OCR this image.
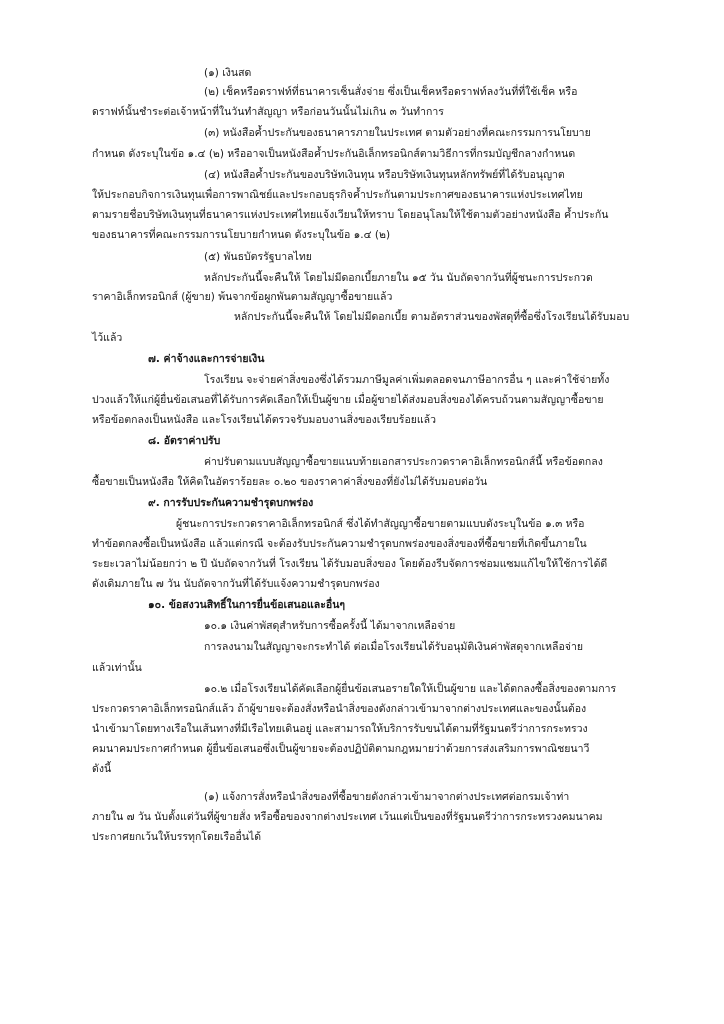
(๑) เงินสด
(๒) เช็คหรือดราฟท์ที่ธนาคารเซ็นสั่งจ่าย ซึ่งเป็นเช็คหรือดราฟท์ลงวันที่ที่ใช้เช็ค หรือ
ดราฟท์นั้นชำระต่อเจ้าหน้าที่ในวันทำสัญญา หรือก่อนวันนั้นไม่เกิน ๓ วันทำการ
(๓) หนังสือค้ำประกันของธนาคารภายในประเทศ ตามตัวอย่างที่คณะกรรมการนโยบาย
กำหนด ดังระบุในข้อ ๑.๔ (๒) หรืออาจเป็นหนังสือค้ำประกันอิเล็กทรอนิกส์ตามวิธีการที่กรมบัญชีกลางกำหนด
(๔) หนังสือค้ำประกันของบริษัทเงินทุน หรือบริษัทเงินทุนหลักทรัพย์ที่ได้รับอนุญาต
ให้ประกอบกิจการเงินทุนเพื่อการพาณิชย์และประกอบธุรกิจค้ำประกันตามประกาศของธนาคารแห่งประเทศไทย
ตามรายชื่อบริษัทเงินทุนที่ธนาคารแห่งประเทศไทยแจ้งเวียนให้ทราบ โดยอนุโลมให้ใช้ตามตัวอย่างหนังสือ ค้ำประกัน
ของธนาคารที่คณะกรรมการนโยบายกำหนด ดังระบุในข้อ ๑.๔ (๒)
(๕) พันธบัตรรัฐบาลไทย
หลักประกันนี้จะคืนให้ โดยไม่มีดอกเบี้ยภายใน ๑๕ วัน นับถัดจากวันที่ผู้ชนะการประกวด
ราคาอิเล็กทรอนิกส์ (ผู้ขาย) พ้นจากข้อผูกพันตามสัญญาซื้อขายแล้ว
หลักประกันนี้จะคืนให้ โดยไม่มีดอกเบี้ย ตามอัตราส่วนของพัสดุที่ซื้อซึ่งโรงเรียนได้รับมอบ
ไว้แล้ว
๗. ค่าจ้างและการจ่ายเงิน
โรงเรียน จะจ่ายค่าสิ่งของซึ่งได้รวมภาษีมูลค่าเพิ่มตลอดจนภาษีอากรอื่น ๆ และค่าใช้จ่ายทั้ง
ปวงแล้วให้แก่ผู้ยื่นข้อเสนอที่ได้รับการคัดเลือกให้เป็นผู้ขาย เมื่อผู้ขายได้ส่งมอบสิ่งของได้ครบถ้วนตามสัญญาซื้อขาย
หรือข้อตกลงเป็นหนังสือ และโรงเรียนได้ตรวจรับมอบงานสิ่งของเรียบร้อยแล้ว
๘. อัตราค่าปรับ
ค่าปรับตามแบบสัญญาซื้อขายแนบท้ายเอกสารประกวดราคาอิเล็กทรอนิกส์นี้ หรือข้อตกลง
ซื้อขายเป็นหนังสือ ให้คิดในอัตราร้อยละ ๐.๒๐ ของราคาค่าสิ่งของที่ยังไม่ได้รับมอบต่อวัน
๙. การรับประกันความชำรุดบกพร่อง
ผู้ชนะการประกวดราคาอิเล็กทรอนิกส์ ซึ่งได้ทำสัญญาซื้อขายตามแบบดังระบุในข้อ ๑.๓ หรือ
ทำข้อตกลงซื้อเป็นหนังสือ แล้วแต่กรณี จะต้องรับประกันความชำรุดบกพร่องของสิ่งของที่ซื้อขายที่เกิดขึ้นภายใน
ระยะเวลาไม่น้อยกว่า ๒ ปี นับถัดจากวันที่ โรงเรียน ได้รับมอบสิ่งของ โดยต้องรีบจัดการซ่อมแซมแก้ไขให้ใช้การได้ดี
ดังเดิมภายใน ๗ วัน นับถัดจากวันที่ได้รับแจ้งความชำรุดบกพร่อง
๑๐. ข้อสงวนสิทธิ์ในการยื่นข้อเสนอและอื่นๆ
๑๐.๑ เงินค่าพัสดุสำหรับการซื้อครั้งนี้ ได้มาจากเหลือจ่าย
การลงนามในสัญญาจะกระทำได้ ต่อเมื่อโรงเรียนได้รับอนุมัติเงินค่าพัสดุจากเหลือจ่าย
แล้วเท่านั้น
๑๐.๒ เมื่อโรงเรียนได้คัดเลือกผู้ยื่นข้อเสนอรายใดให้เป็นผู้ขาย และได้ตกลงซื้อสิ่งของตามการ
ประกวดราคาอิเล็กทรอนิกส์แล้ว ถ้าผู้ขายจะต้องสั่งหรือนำสิ่งของดังกล่าวเข้ามาจากต่างประเทศและของนั้นต้อง
นำเข้ามาโดยทางเรือในเส้นทางที่มีเรือไทยเดินอยู่ และสามารถให้บริการรับขนได้ตามที่รัฐมนตรีว่าการกระทรวง
คมนาคมประกาศกำหนด ผู้ยื่นข้อเสนอซึ่งเป็นผู้ขายจะต้องปฏิบัติตามกฎหมายว่าด้วยการส่งเสริมการพาณิชยนาวี
ดังนี้
(๑) แจ้งการสั่งหรือนำสิ่งของที่ซื้อขายดังกล่าวเข้ามาจากต่างประเทศต่อกรมเจ้าท่า
ภายใน ๗ วัน นับตั้งแต่วันที่ผู้ขายสั่ง หรือซื้อของจากต่างประเทศ เว้นแต่เป็นของที่รัฐมนตรีว่าการกระทรวงคมนาคม
ประกาศยกเว้นให้บรรทุกโดยเรืออื่นได้
